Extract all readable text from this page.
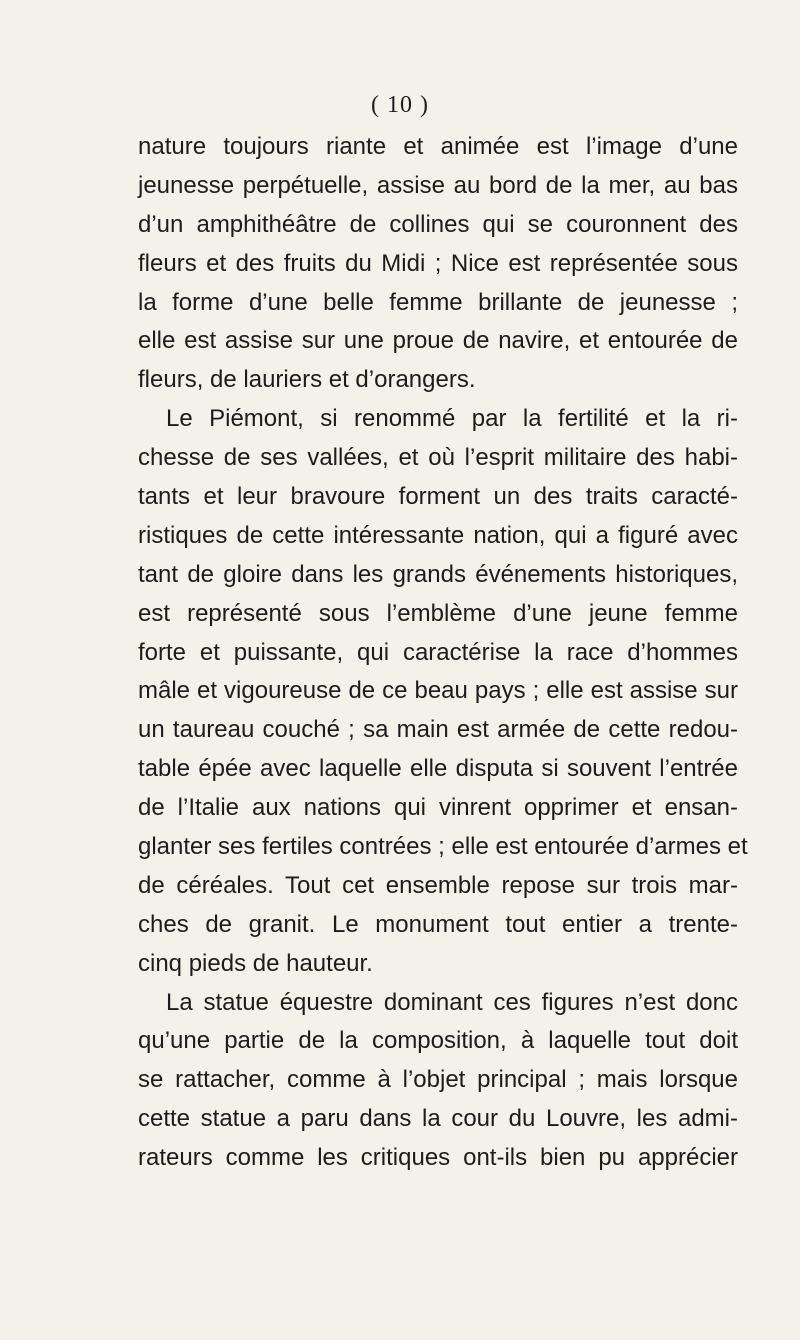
( 10 )
nature toujours riante et animée est l’image d’une
jeunesse perpétuelle, assise au bord de la mer, au bas
d’un amphithéâtre de collines qui se couronnent des
fleurs et des fruits du Midi ; Nice est représentée sous
la forme d’une belle femme brillante de jeunesse ;
elle est assise sur une proue de navire, et entourée de
fleurs, de lauriers et d’orangers.
Le Piémont, si renommé par la fertilité et la ri-
chesse de ses vallées, et où l’esprit militaire des habi-
tants et leur bravoure forment un des traits caracté-
ristiques de cette intéressante nation, qui a figuré avec
tant de gloire dans les grands événements historiques,
est représenté sous l’emblème d’une jeune femme
forte et puissante, qui caractérise la race d’hommes
mâle et vigoureuse de ce beau pays ; elle est assise sur
un taureau couché ; sa main est armée de cette redou-
table épée avec laquelle elle disputa si souvent l’entrée
de l’Italie aux nations qui vinrent opprimer et ensan-
glanter ses fertiles contrées ; elle est entourée d’armes et
de céréales. Tout cet ensemble repose sur trois mar-
ches de granit. Le monument tout entier a trente-
cinq pieds de hauteur.
La statue équestre dominant ces figures n’est donc
qu’une partie de la composition, à laquelle tout doit
se rattacher, comme à l’objet principal ; mais lorsque
cette statue a paru dans la cour du Louvre, les admi-
rateurs comme les critiques ont-ils bien pu apprécier
